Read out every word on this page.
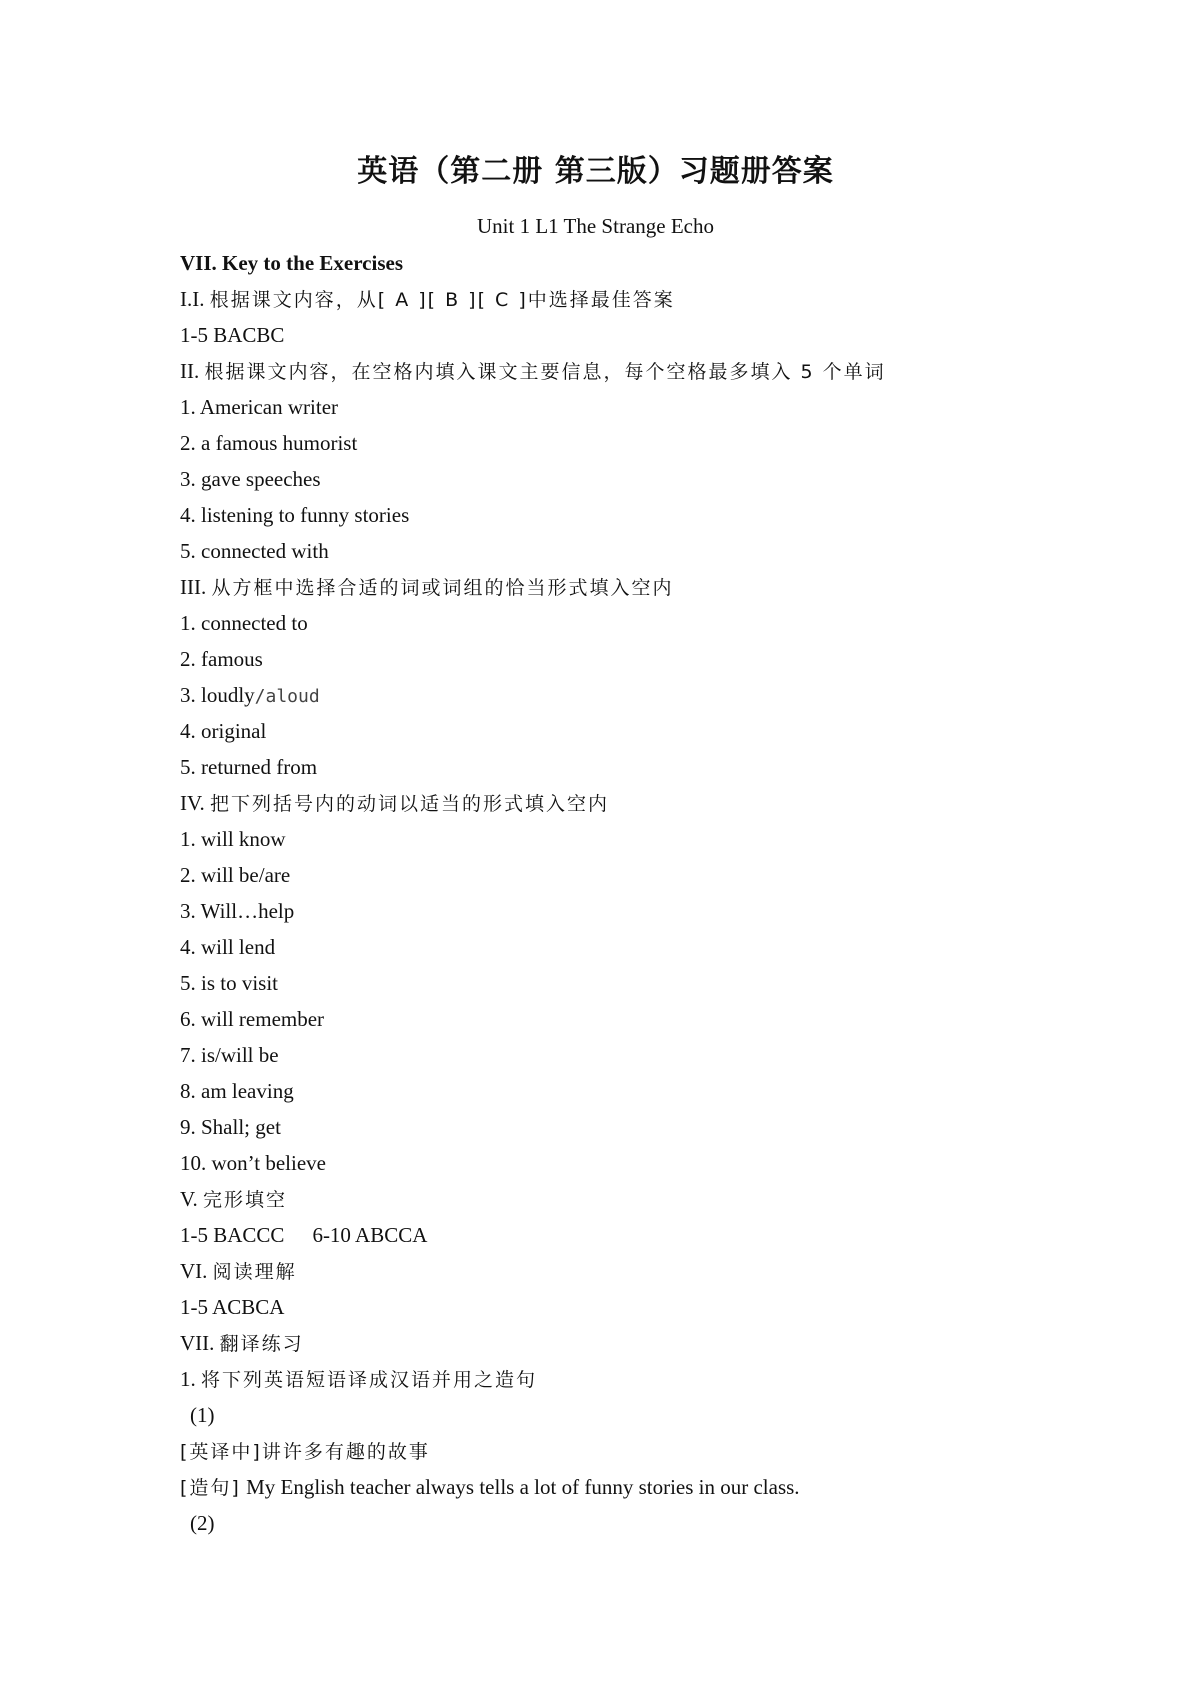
英语（第二册 第三版）习题册答案

Unit 1 L1 The Strange Echo

VII. Key to the Exercises
I.I. 根据课文内容，从[ A ][ B ][ C ]中选择最佳答案
1-5 BACBC
II. 根据课文内容，在空格内填入课文主要信息，每个空格最多填入 5 个单词
1. American writer
2. a famous humorist
3. gave speeches
4. listening to funny stories
5. connected with
III. 从方框中选择合适的词或词组的恰当形式填入空内
1. connected to
2. famous
3. loudly/aloud
4. original
5. returned from
IV. 把下列括号内的动词以适当的形式填入空内
1. will know
2. will be/are
3. Will…help
4. will lend
5. is to visit
6. will remember
7. is/will be
8. am leaving
9. Shall; get
10. won’t believe
V. 完形填空
1-5 BACCC 6-10 ABCCA
VI. 阅读理解
1-5 ACBCA
VII. 翻译练习
1. 将下列英语短语译成汉语并用之造句
(1)
[英译中]讲许多有趣的故事
[造句] My English teacher always tells a lot of funny stories in our class.
(2)
